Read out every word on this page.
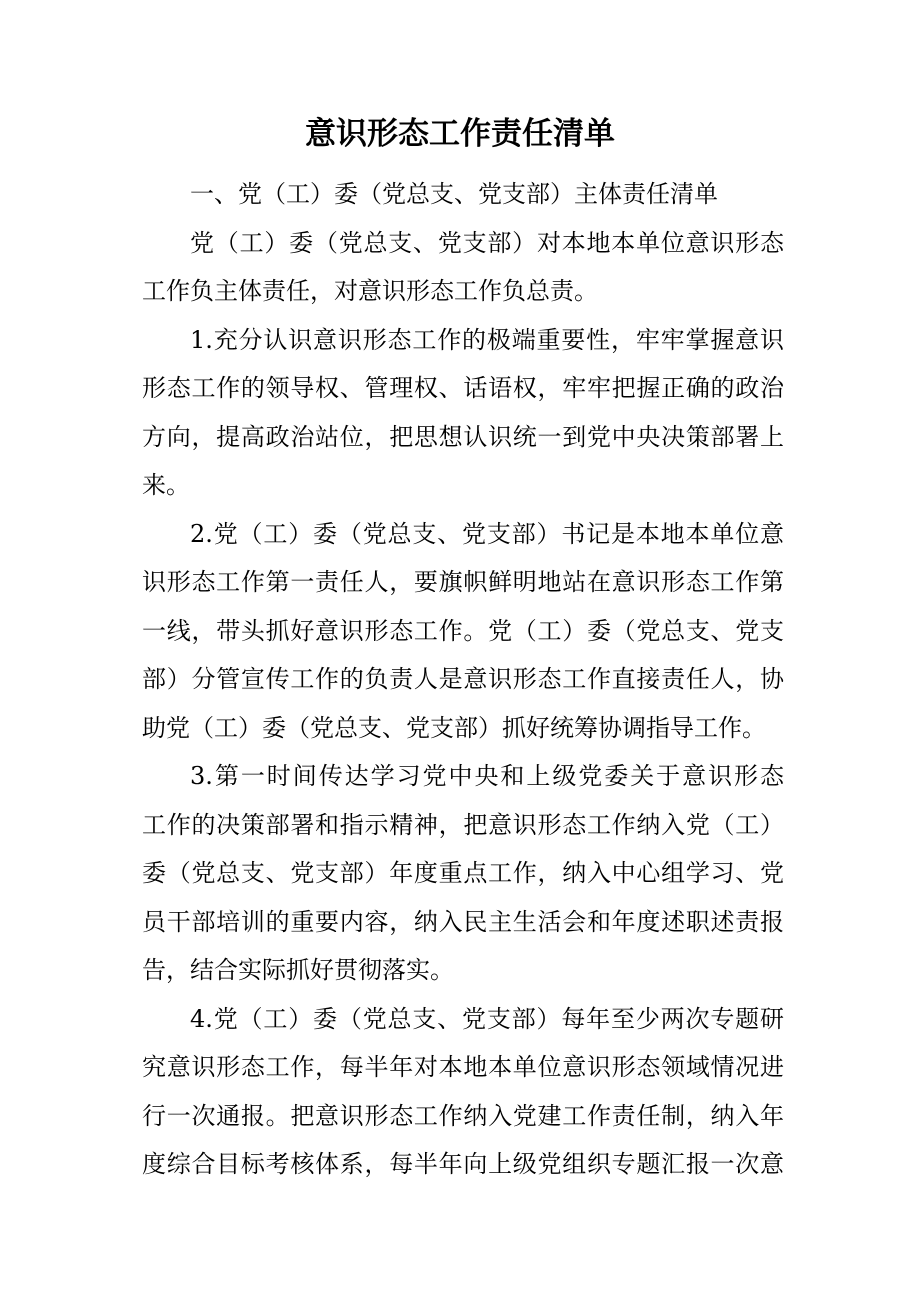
意识形态工作责任清单
一、党（工）委（党总支、党支部）主体责任清单
党（工）委（党总支、党支部）对本地本单位意识形态
工作负主体责任，对意识形态工作负总责。
1.充分认识意识形态工作的极端重要性，牢牢掌握意识
形态工作的领导权、管理权、话语权，牢牢把握正确的政治
方向，提高政治站位，把思想认识统一到党中央决策部署上
来。
2.党（工）委（党总支、党支部）书记是本地本单位意
识形态工作第一责任人，要旗帜鲜明地站在意识形态工作第
一线，带头抓好意识形态工作。党（工）委（党总支、党支
部）分管宣传工作的负责人是意识形态工作直接责任人，协
助党（工）委（党总支、党支部）抓好统筹协调指导工作。
3.第一时间传达学习党中央和上级党委关于意识形态
工作的决策部署和指示精神，把意识形态工作纳入党（工）
委（党总支、党支部）年度重点工作，纳入中心组学习、党
员干部培训的重要内容，纳入民主生活会和年度述职述责报
告，结合实际抓好贯彻落实。
4.党（工）委（党总支、党支部）每年至少两次专题研
究意识形态工作，每半年对本地本单位意识形态领域情况进
行一次通报。把意识形态工作纳入党建工作责任制，纳入年
度综合目标考核体系，每半年向上级党组织专题汇报一次意
